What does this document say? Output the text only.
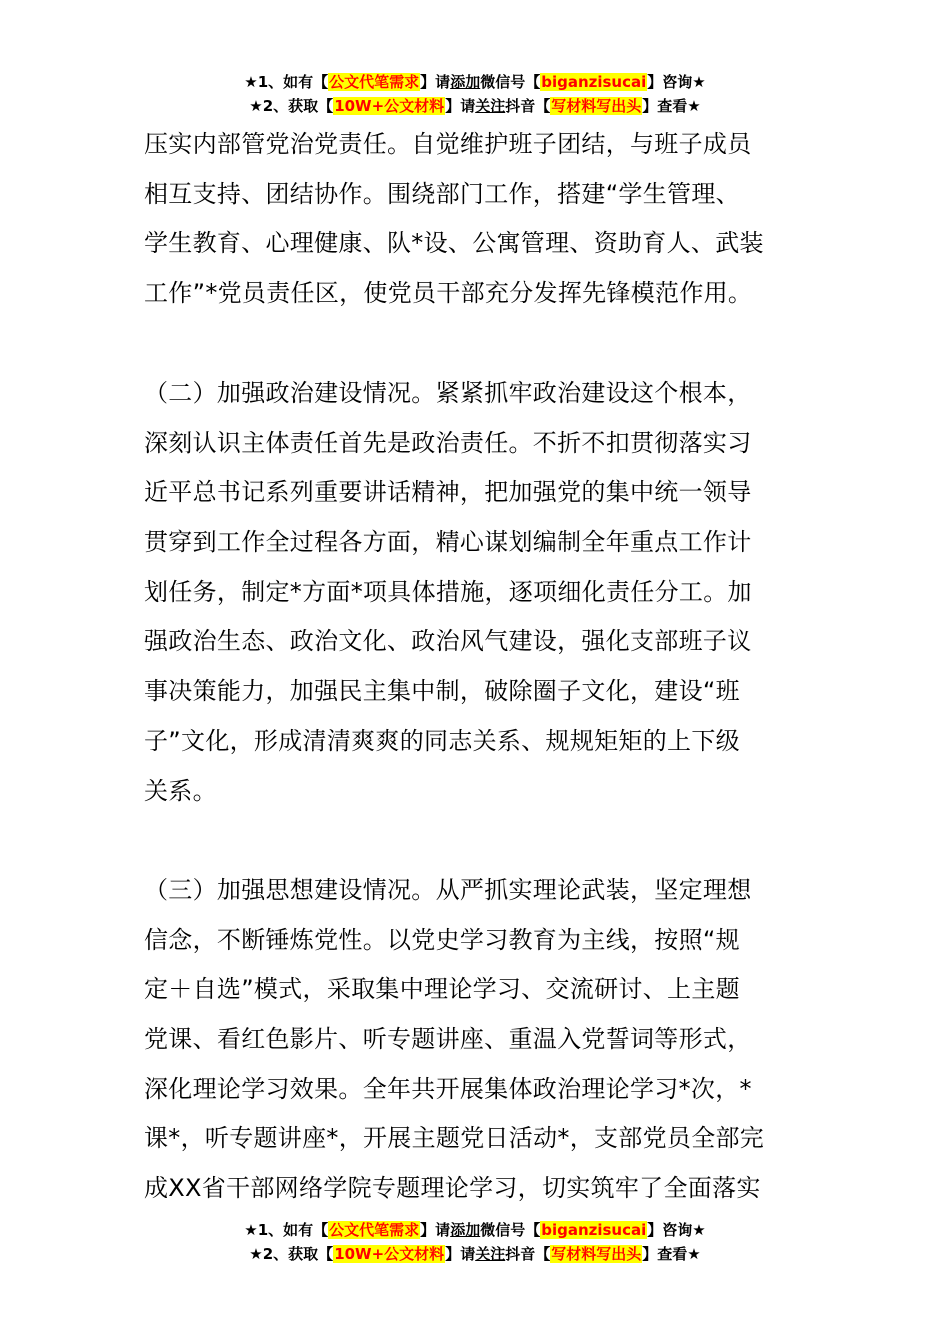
★1、如有【公文代笔需求】请添加微信号【biganzisucai】咨询★
★2、获取【10W+公文材料】请关注抖音【写材料写出头】查看★
压实内部管党治党责任。自觉维护班子团结，与班子成员
相互支持、团结协作。围绕部门工作，搭建“学生管理、
学生教育、心理健康、队*设、公寓管理、资助育人、武装
工作”*党员责任区，使党员干部充分发挥先锋模范作用。
（二）加强政治建设情况。紧紧抓牢政治建设这个根本，
深刻认识主体责任首先是政治责任。不折不扣贯彻落实习
近平总书记系列重要讲话精神，把加强党的集中统一领导
贯穿到工作全过程各方面，精心谋划编制全年重点工作计
划任务，制定*方面*项具体措施，逐项细化责任分工。加
强政治生态、政治文化、政治风气建设，强化支部班子议
事决策能力，加强民主集中制，破除圈子文化，建设“班
子”文化，形成清清爽爽的同志关系、规规矩矩的上下级
关系。
（三）加强思想建设情况。从严抓实理论武装，坚定理想
信念，不断锤炼党性。以党史学习教育为主线，按照“规
定＋自选”模式，采取集中理论学习、交流研讨、上主题
党课、看红色影片、听专题讲座、重温入党誓词等形式，
深化理论学习效果。全年共开展集体政治理论学习*次，*
课*，听专题讲座*，开展主题党日活动*，支部党员全部完
成XX省干部网络学院专题理论学习，切实筑牢了全面落实
★1、如有【公文代笔需求】请添加微信号【biganzisucai】咨询★
★2、获取【10W+公文材料】请关注抖音【写材料写出头】查看★
